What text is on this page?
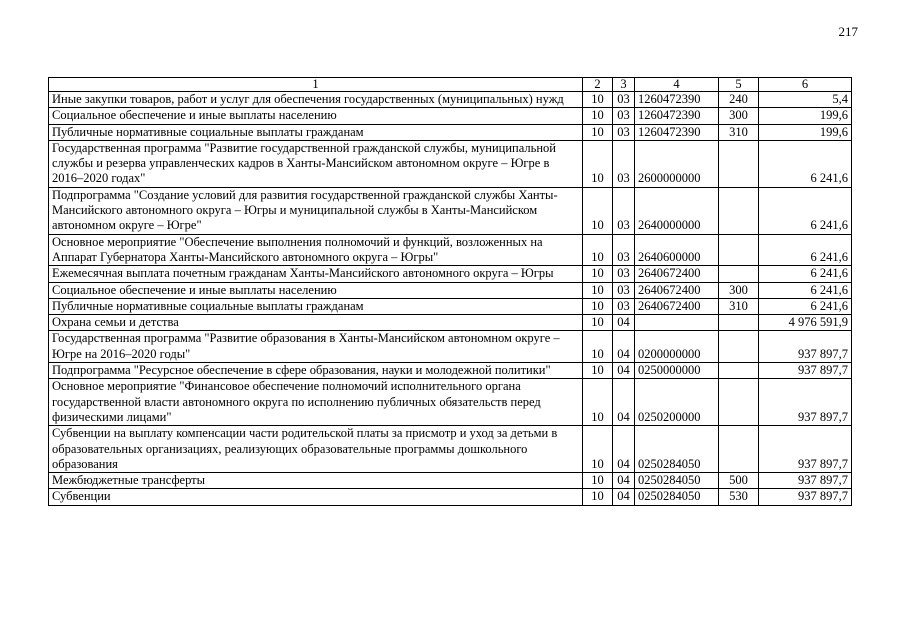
217
1	2	3	4	5	6
Иные закупки товаров, работ и услуг для обеспечения государственных (муниципальных) нужд	10	03	1260472390	240	5,4
Социальное обеспечение и иные выплаты населению	10	03	1260472390	300	199,6
Публичные нормативные социальные выплаты гражданам	10	03	1260472390	310	199,6
Государственная программа "Развитие государственной гражданской службы, муниципальной службы и резерва управленческих кадров в Ханты-Мансийском автономном округе – Югре в 2016–2020 годах"	10	03	2600000000		6 241,6
Подпрограмма "Создание условий для развития государственной гражданской службы Ханты-Мансийского автономного округа – Югры и муниципальной службы в Ханты-Мансийском автономном округе – Югре"	10	03	2640000000		6 241,6
Основное мероприятие "Обеспечение выполнения полномочий и функций, возложенных на Аппарат Губернатора Ханты-Мансийского автономного округа – Югры"	10	03	2640600000		6 241,6
Ежемесячная выплата почетным гражданам Ханты-Мансийского автономного округа – Югры	10	03	2640672400		6 241,6
Социальное обеспечение и иные выплаты населению	10	03	2640672400	300	6 241,6
Публичные нормативные социальные выплаты гражданам	10	03	2640672400	310	6 241,6
Охрана семьи и детства	10	04			4 976 591,9
Государственная программа "Развитие образования в Ханты-Мансийском автономном округе – Югре на 2016–2020 годы"	10	04	0200000000		937 897,7
Подпрограмма "Ресурсное обеспечение в сфере образования, науки и молодежной политики"	10	04	0250000000		937 897,7
Основное мероприятие "Финансовое обеспечение полномочий исполнительного органа государственной власти автономного округа по исполнению публичных обязательств перед физическими лицами"	10	04	0250200000		937 897,7
Субвенции на выплату компенсации части родительской платы за присмотр и уход за детьми в образовательных организациях, реализующих образовательные программы дошкольного образования	10	04	0250284050		937 897,7
Межбюджетные трансферты	10	04	0250284050	500	937 897,7
Субвенции	10	04	0250284050	530	937 897,7
